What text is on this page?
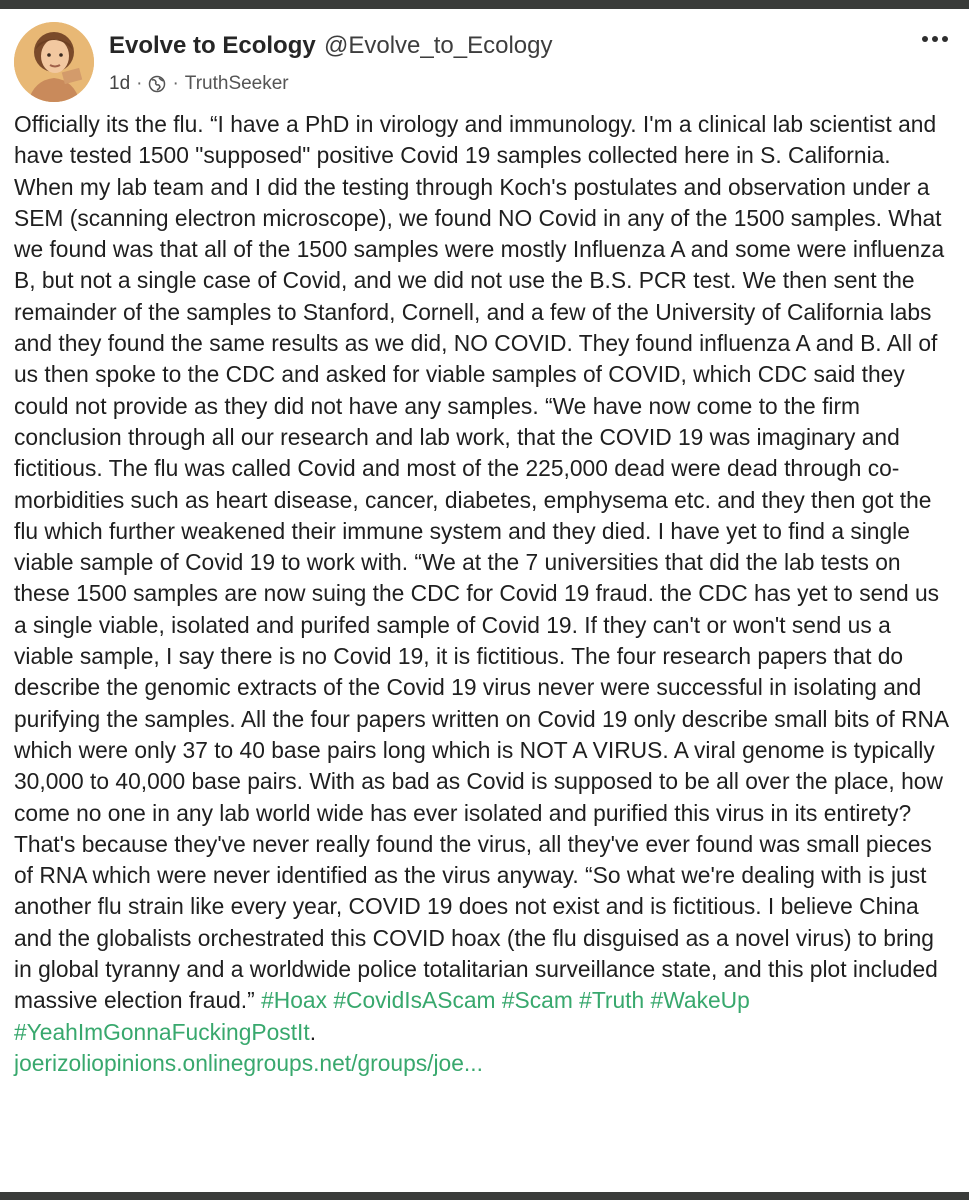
Evolve to Ecology @Evolve_to_Ecology
1d · · TruthSeeker
Officially its the flu. “I have a PhD in virology and immunology. I'm a clinical lab scientist and have tested 1500 "supposed" positive Covid 19 samples collected here in S. California. When my lab team and I did the testing through Koch's postulates and observation under a SEM (scanning electron microscope), we found NO Covid in any of the 1500 samples. What we found was that all of the 1500 samples were mostly Influenza A and some were influenza B, but not a single case of Covid, and we did not use the B.S. PCR test. We then sent the remainder of the samples to Stanford, Cornell, and a few of the University of California labs and they found the same results as we did, NO COVID. They found influenza A and B. All of us then spoke to the CDC and asked for viable samples of COVID, which CDC said they could not provide as they did not have any samples. “We have now come to the firm conclusion through all our research and lab work, that the COVID 19 was imaginary and fictitious. The flu was called Covid and most of the 225,000 dead were dead through co-morbidities such as heart disease, cancer, diabetes, emphysema etc. and they then got the flu which further weakened their immune system and they died. I have yet to find a single viable sample of Covid 19 to work with. “We at the 7 universities that did the lab tests on these 1500 samples are now suing the CDC for Covid 19 fraud. the CDC has yet to send us a single viable, isolated and purifed sample of Covid 19. If they can't or won't send us a viable sample, I say there is no Covid 19, it is fictitious. The four research papers that do describe the genomic extracts of the Covid 19 virus never were successful in isolating and purifying the samples. All the four papers written on Covid 19 only describe small bits of RNA which were only 37 to 40 base pairs long which is NOT A VIRUS. A viral genome is typically 30,000 to 40,000 base pairs. With as bad as Covid is supposed to be all over the place, how come no one in any lab world wide has ever isolated and purified this virus in its entirety? That's because they've never really found the virus, all they've ever found was small pieces of RNA which were never identified as the virus anyway. “So what we're dealing with is just another flu strain like every year, COVID 19 does not exist and is fictitious. I believe China and the globalists orchestrated this COVID hoax (the flu disguised as a novel virus) to bring in global tyranny and a worldwide police totalitarian surveillance state, and this plot included massive election fraud.” #Hoax #CovidIsAScam #Scam #Truth #WakeUp #YeahImGonnaFuckingPostIt.
joerizoliopinions.onlinegroups.net/groups/joe...
